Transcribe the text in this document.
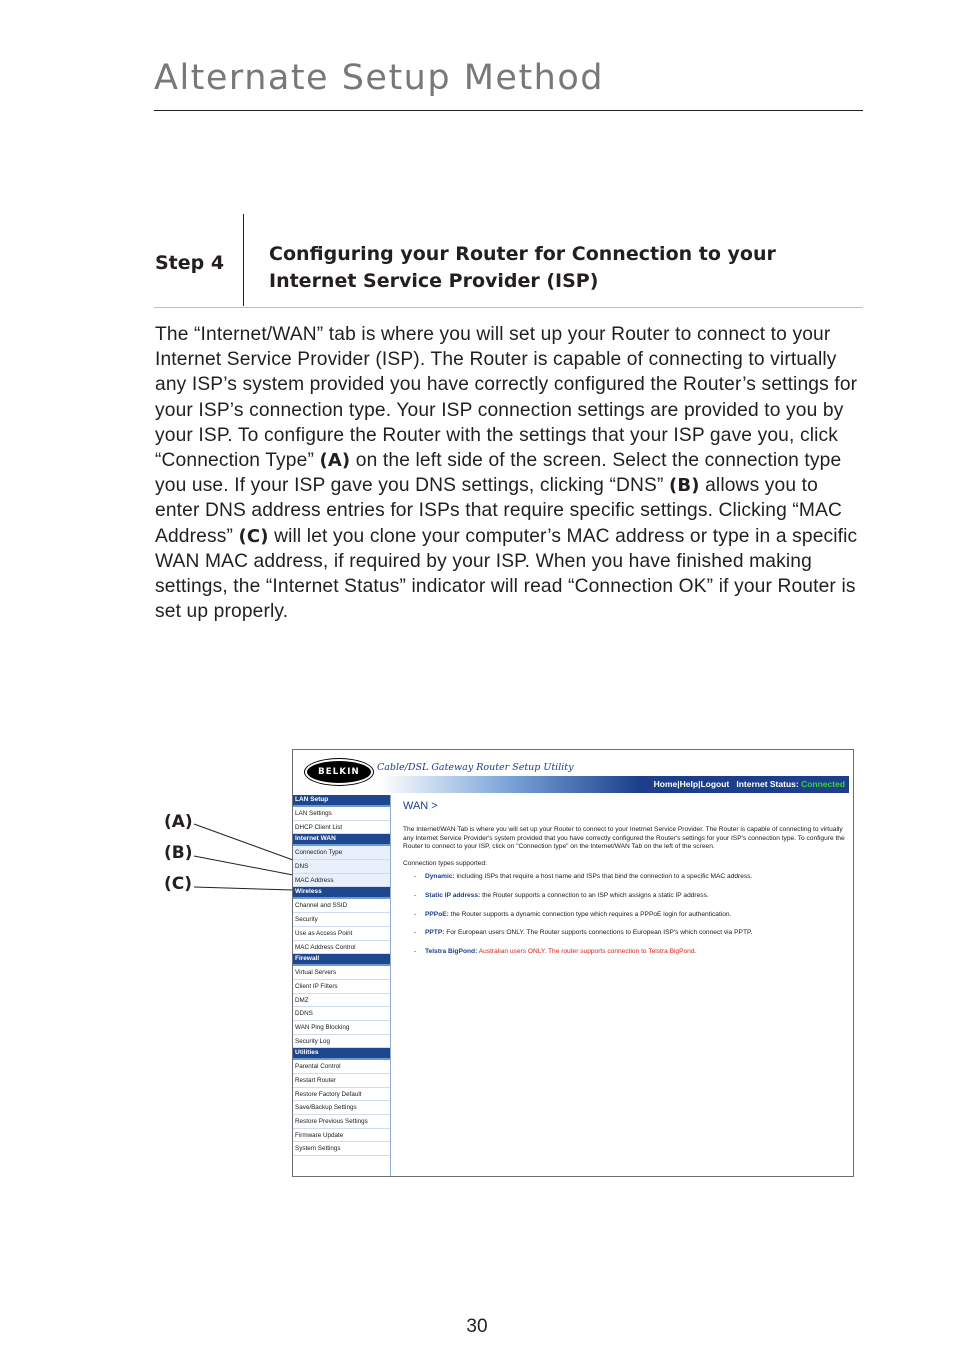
Alternate Setup Method
Step 4 Configuring your Router for Connection to your
Internet Service Provider (ISP)
The “Internet/WAN” tab is where you will set up your Router to connect to your Internet Service Provider (ISP). The Router is capable of connecting to virtually any ISP’s system provided you have correctly configured the Router’s settings for your ISP’s connection type. Your ISP connection settings are provided to you by your ISP. To configure the Router with the settings that your ISP gave you, click “Connection Type” (A) on the left side of the screen. Select the connection type you use. If your ISP gave you DNS settings, clicking “DNS” (B) allows you to enter DNS address entries for ISPs that require specific settings. Clicking “MAC Address” (C) will let you clone your computer’s MAC address or type in a specific WAN MAC address, if required by your ISP. When you have finished making settings, the “Internet Status” indicator will read “Connection OK” if your Router is set up properly.
(A)
(B)
(C)
BELKIN	Cable/DSL Gateway Router Setup Utility
Home|Help|Logout Internet Status: Connected
LAN Setup
LAN Settings
DHCP Client List
Internet WAN
Connection Type
DNS
MAC Address
Wireless
Channel and SSID
Security
Use as Access Point
MAC Address Control
Firewall
Virtual Servers
Client IP Filters
DMZ
DDNS
WAN Ping Blocking
Security Log
Utilities
Parental Control
Restart Router
Restore Factory Default
Save/Backup Settings
Restore Previous Settings
Firmware Update
System Settings
WAN >

The Internet/WAN Tab is where you will set up your Router to connect to your Inetrnet Service Provider. The Router is capable of connecting to virtually any Internet Service Provider's system provided that you have correctly configured the Router's settings for your ISP's connection type. To configure the Router to connect to your ISP, click on "Connection type" on the Internet/WAN Tab on the left of the screen.

Connection types supported:
- Dynamic: including ISPs that require a host name and ISPs that bind the connection to a specific MAC address.
- Static IP address: the Router supports a connection to an ISP which assigns a static IP address.
- PPPoE: the Router supports a dynamic connection type which requires a PPPoE login for authentication.
- PPTP: For European users ONLY. The Router supports connections to European ISP's which connect via PPTP.
- Telstra BigPond: Australian users ONLY. The router supports connection to Telstra BigPond.
30
